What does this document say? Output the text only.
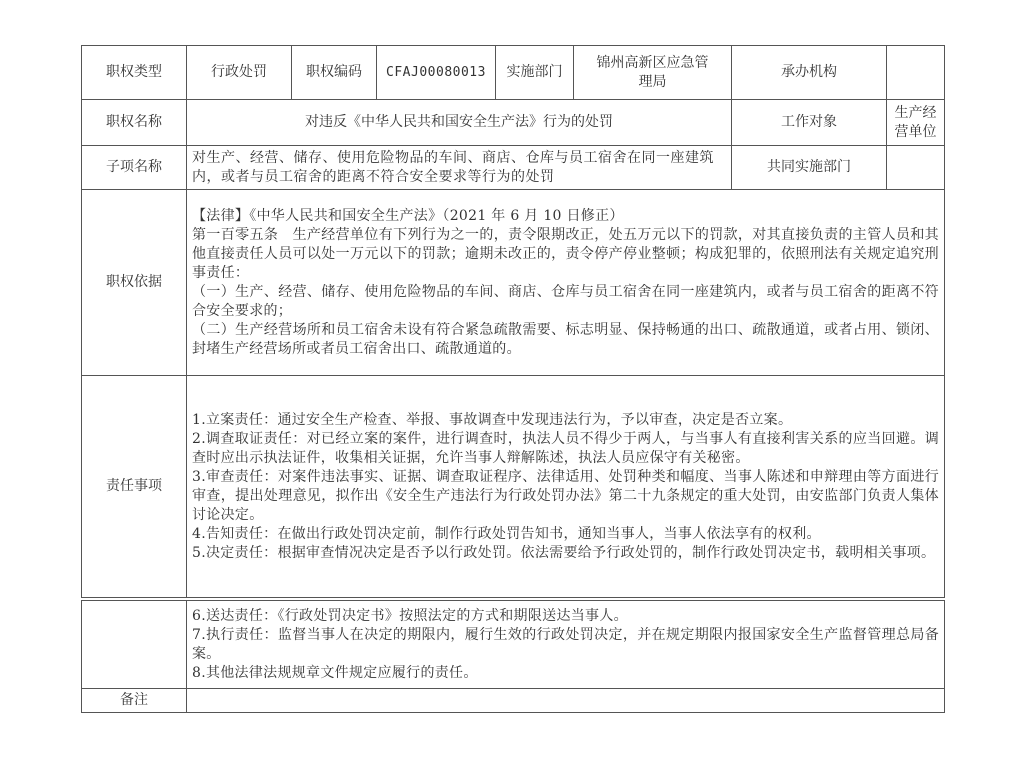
职权类型	行政处罚	职权编码	CFAJ00080013	实施部门	锦州高新区应急管理局	承办机构	
职权名称	对违反《中华人民共和国安全生产法》行为的处罚					工作对象	生产经营单位
子项名称	对生产、经营、储存、使用危险物品的车间、商店、仓库与员工宿舍在同一座建筑内，或者与员工宿舍的距离不符合安全要求等行为的处罚					共同实施部门	
职权依据	【法律】《中华人民共和国安全生产法》（2021 年 6 月 10 日修正）
第一百零五条　生产经营单位有下列行为之一的，责令限期改正，处五万元以下的罚款，对其直接负责的主管人员和其他直接责任人员可以处一万元以下的罚款；逾期未改正的，责令停产停业整顿；构成犯罪的，依照刑法有关规定追究刑事责任：
（一）生产、经营、储存、使用危险物品的车间、商店、仓库与员工宿舍在同一座建筑内，或者与员工宿舍的距离不符合安全要求的；
（二）生产经营场所和员工宿舍未设有符合紧急疏散需要、标志明显、保持畅通的出口、疏散通道，或者占用、锁闭、封堵生产经营场所或者员工宿舍出口、疏散通道的。						

责任事项	1.立案责任：通过安全生产检查、举报、事故调查中发现违法行为，予以审查，决定是否立案。
2.调查取证责任：对已经立案的案件，进行调查时，执法人员不得少于两人，与当事人有直接利害关系的应当回避。调查时应出示执法证件，收集相关证据，允许当事人辩解陈述，执法人员应保守有关秘密。
3.审查责任：对案件违法事实、证据、调查取证程序、法律适用、处罚种类和幅度、当事人陈述和申辩理由等方面进行审查，提出处理意见，拟作出《安全生产违法行为行政处罚办法》第二十九条规定的重大处罚，由安监部门负责人集体讨论决定。
4.告知责任：在做出行政处罚决定前，制作行政处罚告知书，通知当事人，当事人依法享有的权利。
5.决定责任：根据审查情况决定是否予以行政处罚。依法需要给予行政处罚的，制作行政处罚决定书，载明相关事项。						

	6.送达责任：《行政处罚决定书》按照法定的方式和期限送达当事人。
7.执行责任：监督当事人在决定的期限内，履行生效的行政处罚决定，并在规定期限内报国家安全生产监督管理总局备案。
8.其他法律法规规章文件规定应履行的责任。

备注	
